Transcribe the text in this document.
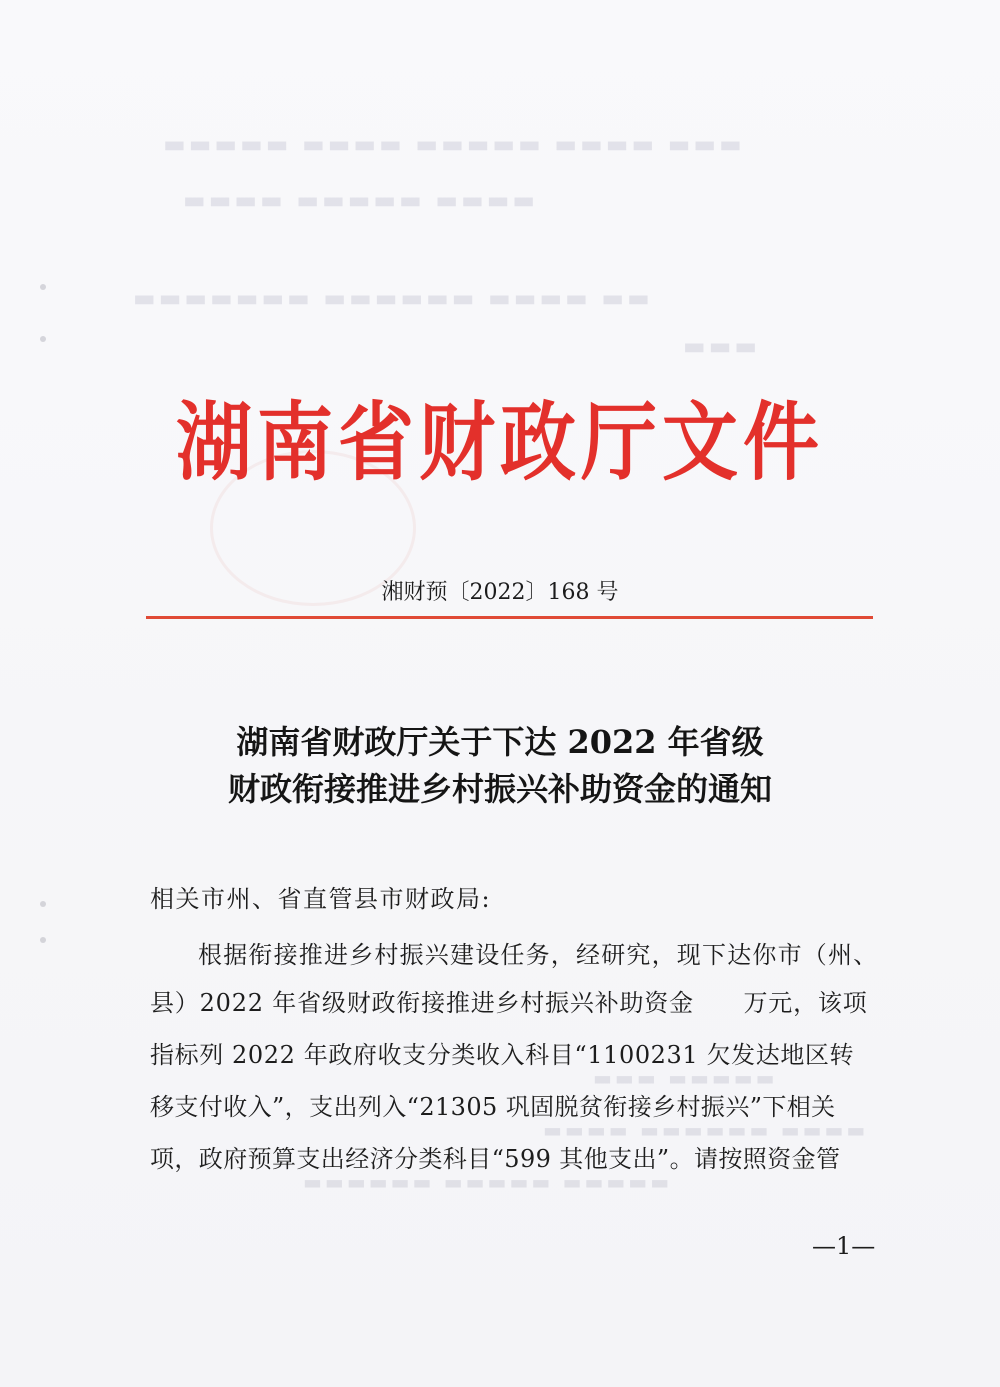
▬▬▬ ▬▬▬▬ ▬▬▬▬▬ ▬▬▬▬ ▬▬▬▬▬
▬▬▬▬ ▬▬▬▬▬ ▬▬▬▬
▬▬ ▬▬▬▬ ▬▬▬▬▬▬ ▬▬▬▬▬▬▬
▬▬▬
▬▬▬▬▬ ▬▬▬
▬▬▬▬ ▬▬▬▬▬▬ ▬▬▬▬
▬▬▬▬▬ ▬▬▬▬▬ ▬▬▬▬▬▬
湖南省财政厅文件
湘财预〔2022〕168 号
湖南省财政厅关于下达 2022 年省级
财政衔接推进乡村振兴补助资金的通知
相关市州、省直管县市财政局:
根据衔接推进乡村振兴建设任务，经研究，现下达你市（州、
县）2022 年省级财政衔接推进乡村振兴补助资金　　万元，该项
指标列 2022 年政府收支分类收入科目“1100231 欠发达地区转
移支付收入”，支出列入“21305 巩固脱贫衔接乡村振兴”下相关
项，政府预算支出经济分类科目“599 其他支出”。请按照资金管
—1—
